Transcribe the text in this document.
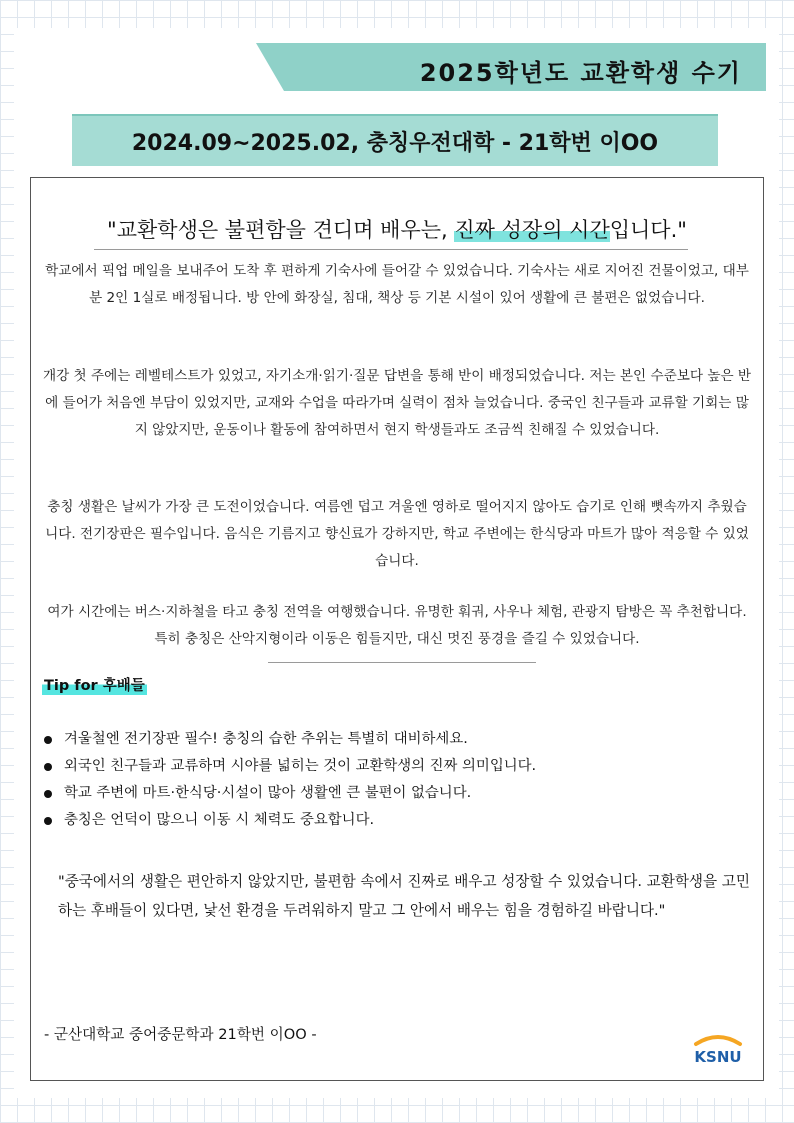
2025학년도 교환학생 수기
2024.09~2025.02, 충칭우전대학 - 21학번 이OO
"교환학생은 불편함을 견디며 배우는, 진짜 성장의 시간입니다."

학교에서 픽업 메일을 보내주어 도착 후 편하게 기숙사에 들어갈 수 있었습니다. 기숙사는 새로 지어진 건물이었고, 대부분 2인 1실로 배정됩니다. 방 안에 화장실, 침대, 책상 등 기본 시설이 있어 생활에 큰 불편은 없었습니다.

개강 첫 주에는 레벨테스트가 있었고, 자기소개·읽기·질문 답변을 통해 반이 배정되었습니다. 저는 본인 수준보다 높은 반에 들어가 처음엔 부담이 있었지만, 교재와 수업을 따라가며 실력이 점차 늘었습니다. 중국인 친구들과 교류할 기회는 많지 않았지만, 운동이나 활동에 참여하면서 현지 학생들과도 조금씩 친해질 수 있었습니다.

충칭 생활은 날씨가 가장 큰 도전이었습니다. 여름엔 덥고 겨울엔 영하로 떨어지지 않아도 습기로 인해 뼛속까지 추웠습니다. 전기장판은 필수입니다. 음식은 기름지고 향신료가 강하지만, 학교 주변에는 한식당과 마트가 많아 적응할 수 있었습니다.

여가 시간에는 버스·지하철을 타고 충칭 전역을 여행했습니다. 유명한 훠궈, 사우나 체험, 관광지 탐방은 꼭 추천합니다. 특히 충칭은 산악지형이라 이동은 힘들지만, 대신 멋진 풍경을 즐길 수 있었습니다.

Tip for 후배들
겨울철엔 전기장판 필수! 충칭의 습한 추위는 특별히 대비하세요.
외국인 친구들과 교류하며 시야를 넓히는 것이 교환학생의 진짜 의미입니다.
학교 주변에 마트·한식당·시설이 많아 생활엔 큰 불편이 없습니다.
충칭은 언덕이 많으니 이동 시 체력도 중요합니다.

"중국에서의 생활은 편안하지 않았지만, 불편함 속에서 진짜로 배우고 성장할 수 있었습니다. 교환학생을 고민하는 후배들이 있다면, 낯선 환경을 두려워하지 말고 그 안에서 배우는 힘을 경험하길 바랍니다."

- 군산대학교 중어중문학과 21학번 이OO -
KSNU
